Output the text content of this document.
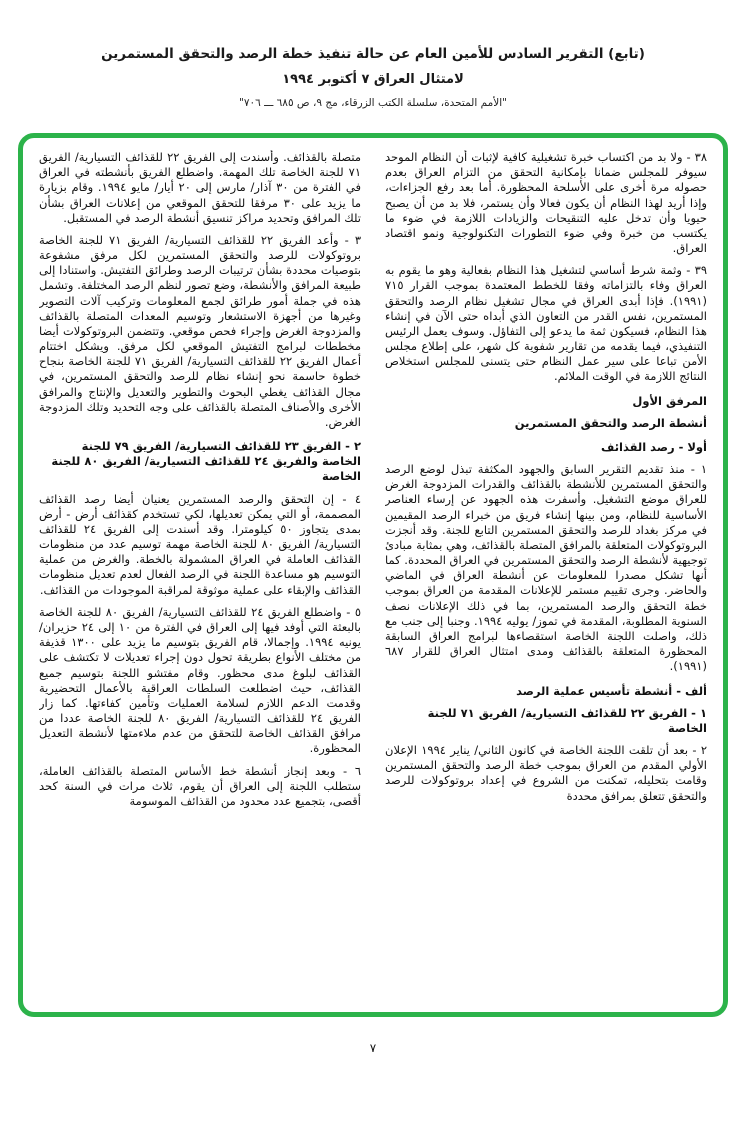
(تابع) التقرير السادس للأمين العام عن حالة تنفيذ خطة الرصد والتحقق المستمرين
لامتثال العراق ٧ أكتوبر ١٩٩٤
"الأمم المتحدة، سلسلة الكتب الزرقاء، مج ٩، ص ٦٨٥ ـــ ٧٠٦"

٣٨ - ولا بد من اكتساب خبرة تشغيلية كافية لإثبات أن النظام الموحد سيوفر للمجلس ضمانا بإمكانية التحقق من التزام العراق بعدم حصوله مرة أخرى على الأسلحة المحظورة. أما بعد رفع الجزاءات، وإذا أريد لهذا النظام أن يكون فعالا وأن يستمر، فلا بد من أن يصبح حيويا وأن تدخل عليه التنقيحات والزيادات اللازمة في ضوء ما يكتسب من خبرة وفي ضوء التطورات التكنولوجية ونمو اقتصاد العراق.

٣٩ - وثمة شرط أساسي لتشغيل هذا النظام بفعالية وهو ما يقوم به العراق وفاء بالتزاماته وفقا للخطط المعتمدة بموجب القرار ٧١٥ (١٩٩١). فإذا أبدى العراق في مجال تشغيل نظام الرصد والتحقق المستمرين، نفس القدر من التعاون الذي أبداه حتى الآن في إنشاء هذا النظام، فسيكون ثمة ما يدعو إلى التفاؤل. وسوف يعمل الرئيس التنفيذي، فيما يقدمه من تقارير شفوية كل شهر، على إطلاع مجلس الأمن تباعا على سير عمل النظام حتى يتسنى للمجلس استخلاص النتائج اللازمة في الوقت الملائم.

المرفق الأول
أنشطة الرصد والتحقق المستمرين
أولا - رصد القذائف

١ - منذ تقديم التقرير السابق والجهود المكثفة تبذل لوضع الرصد والتحقق المستمرين للأنشطة بالقذائف والقدرات المزدوجة الغرض للعراق موضع التشغيل. وأسفرت هذه الجهود عن إرساء العناصر الأساسية للنظام، ومن بينها إنشاء فريق من خبراء الرصد المقيمين في مركز بغداد للرصد والتحقق المستمرين التابع للجنة. وقد أنجزت البروتوكولات المتعلقة بالمرافق المتصلة بالقذائف، وهي بمثابة مبادئ توجيهية لأنشطة الرصد والتحقق المستمرين في العراق المحددة. كما أنها تشكل مصدرا للمعلومات عن أنشطة العراق في الماضي والحاضر. وجرى تقييم مستمر للإعلانات المقدمة من العراق بموجب خطة التحقق والرصد المستمرين، بما في ذلك الإعلانات نصف السنوية المطلوبة، المقدمة في تموز/ يوليه ١٩٩٤. وجنبا إلى جنب مع ذلك، واصلت اللجنة الخاصة استقصاءها لبرامج العراق السابقة المحظورة المتعلقة بالقذائف ومدى امتثال العراق للقرار ٦٨٧ (١٩٩١).

ألف - أنشطة تأسيس عملية الرصد
١ - الفريق ٢٢ للقذائف التسيارية/ الفريق ٧١ للجنة الخاصة

٢ - بعد أن تلقت اللجنة الخاصة في كانون الثاني/ يناير ١٩٩٤ الإعلان الأولي المقدم من العراق بموجب خطة الرصد والتحقق المستمرين وقامت بتحليله، تمكنت من الشروع في إعداد بروتوكولات للرصد والتحقق تتعلق بمرافق محددة

متصلة بالقذائف. وأسندت إلى الفريق ٢٢ للقذائف التسيارية/ الفريق ٧١ للجنة الخاصة تلك المهمة. واضطلع الفريق بأنشطته في العراق في الفترة من ٣٠ آذار/ مارس إلى ٢٠ أيار/ مايو ١٩٩٤. وقام بزيارة ما يزيد على ٣٠ مرفقا للتحقق الموقعي من إعلانات العراق بشأن تلك المرافق وتحديد مراكز تنسيق أنشطة الرصد في المستقبل.

٣ - وأعد الفريق ٢٢ للقذائف التسيارية/ الفريق ٧١ للجنة الخاصة بروتوكولات للرصد والتحقق المستمرين لكل مرفق مشفوعة بتوصيات محددة بشأن ترتيبات الرصد وطرائق التفتيش. واستنادا إلى طبيعة المرافق والأنشطة، وضع تصور لنظم الرصد المختلفة. وتشمل هذه في جملة أمور طرائق لجمع المعلومات وتركيب آلات التصوير وغيرها من أجهزة الاستشعار وتوسيم المعدات المتصلة بالقذائف والمزدوجة الغرض وإجراء فحص موقعي. وتتضمن البروتوكولات أيضا مخططات لبرامج التفتيش الموقعي لكل مرفق. ويشكل اختتام أعمال الفريق ٢٢ للقذائف التسيارية/ الفريق ٧١ للجنة الخاصة بنجاح خطوة حاسمة نحو إنشاء نظام للرصد والتحقق المستمرين، في مجال القذائف يغطي البحوث والتطوير والتعديل والإنتاج والمرافق الأخرى والأصناف المتصلة بالقذائف على وجه التحديد وتلك المزدوجة الغرض.

٢ - الفريق ٢٣ للقذائف التسيارية/ الفريق ٧٩ للجنة الخاصة والفريق ٢٤ للقذائف التسيارية/ الفريق ٨٠ للجنة الخاصة

٤ - إن التحقق والرصد المستمرين يعنيان أيضا رصد القذائف المصممة، أو التي يمكن تعديلها، لكي تستخدم كقذائف أرض - أرض بمدى يتجاوز ٥٠ كيلومترا. وقد أسندت إلى الفريق ٢٤ للقذائف التسيارية/ الفريق ٨٠ للجنة الخاصة مهمة توسيم عدد من منظومات القذائف العاملة في العراق المشمولة بالخطة. والغرض من عملية التوسيم هو مساعدة اللجنة في الرصد الفعال لعدم تعديل منظومات القذائف والإبقاء على عملية موثوقة لمراقبة الموجودات من القذائف.

٥ - واضطلع الفريق ٢٤ للقذائف التسيارية/ الفريق ٨٠ للجنة الخاصة بالبعثة التي أوفد فيها إلى العراق في الفترة من ١٠ إلى ٢٤ حزيران/ يونيه ١٩٩٤. وإجمالا، قام الفريق بتوسيم ما يزيد على ١٣٠٠ قذيفة من مختلف الأنواع بطريقة تحول دون إجراء تعديلات لا تكتشف على القذائف لبلوغ مدى محظور. وقام مفتشو اللجنة بتوسيم جميع القذائف، حيث اضطلعت السلطات العراقية بالأعمال التحضيرية وقدمت الدعم اللازم لسلامة العمليات وتأمين كفاءتها. كما زار الفريق ٢٤ للقذائف التسيارية/ الفريق ٨٠ للجنة الخاصة عددا من مرافق القذائف الخاصة للتحقق من عدم ملاءمتها لأنشطة التعديل المحظورة.

٦ - وبعد إنجاز أنشطة خط الأساس المتصلة بالقذائف العاملة، ستطلب اللجنة إلى العراق أن يقوم، ثلاث مرات في السنة كحد أقصى، بتجميع عدد محدود من القذائف الموسومة

٧
